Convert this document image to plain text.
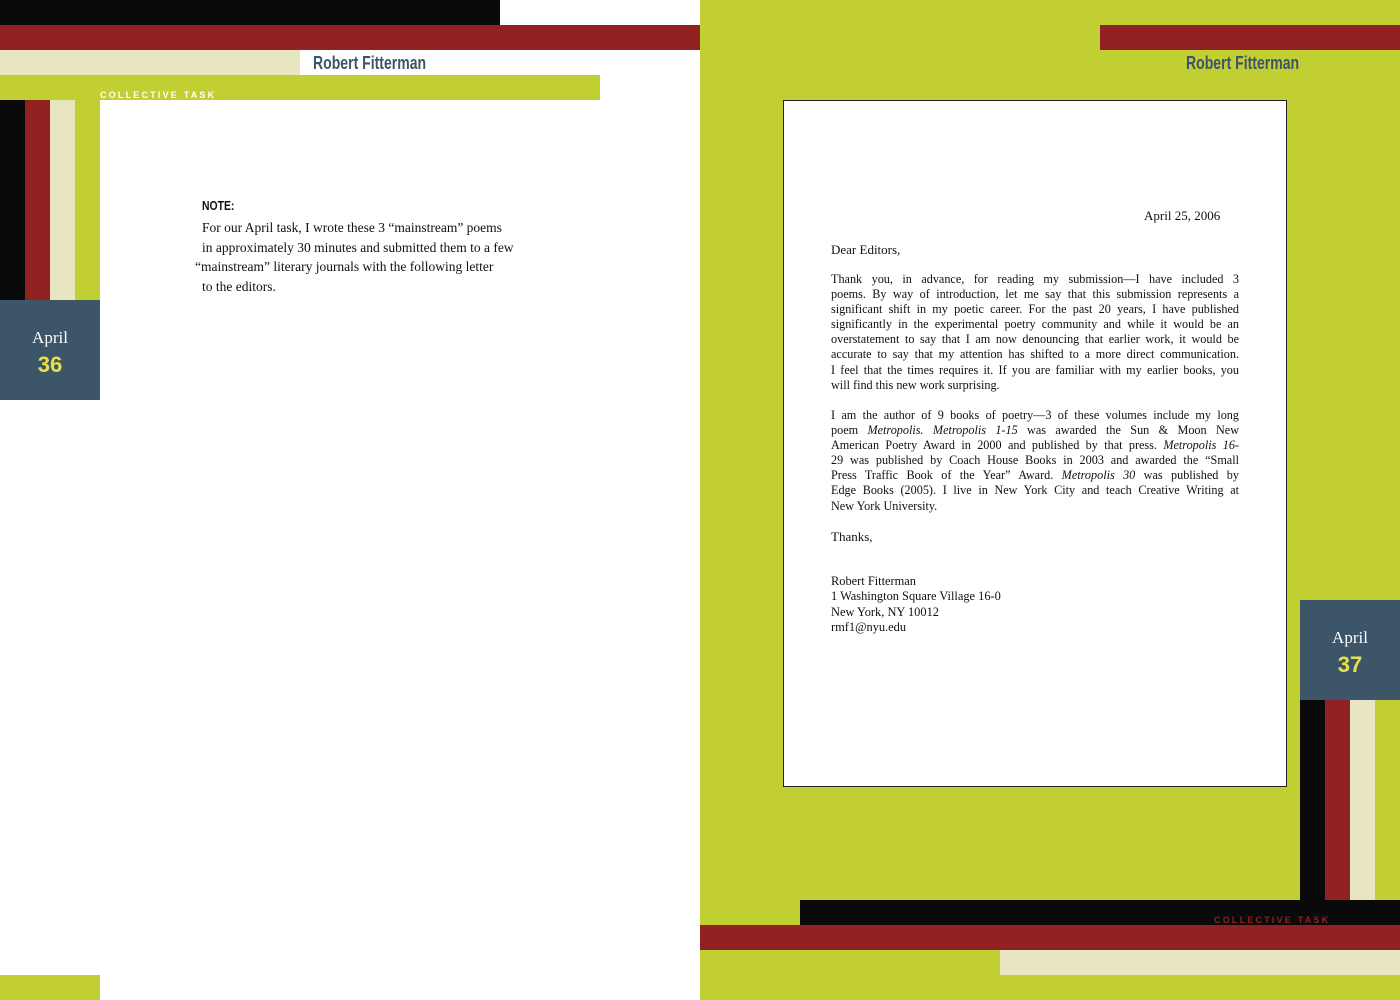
Robert Fitterman
COLLECTIVE TASK
April
36
NOTE:
For our April task, I wrote these 3 “mainstream” poems
in approximately 30 minutes and submitted them to a few
“mainstream” literary journals with the following letter
to the editors.
Robert Fitterman
April 25, 2006
Dear Editors,
Thank you, in advance, for reading my submission—I have included 3
poems. By way of introduction, let me say that this submission represents a
significant shift in my poetic career. For the past 20 years, I have published
significantly in the experimental poetry community and while it would be an
overstatement to say that I am now denouncing that earlier work, it would be
accurate to say that my attention has shifted to a more direct communication.
I feel that the times requires it. If you are familiar with my earlier books, you
will find this new work surprising.
I am the author of 9 books of poetry—3 of these volumes include my long
poem Metropolis. Metropolis 1-15 was awarded the Sun & Moon New
American Poetry Award in 2000 and published by that press. Metropolis 16-
29 was published by Coach House Books in 2003 and awarded the “Small
Press Traffic Book of the Year” Award. Metropolis 30 was published by
Edge Books (2005). I live in New York City and teach Creative Writing at
New York University.
Thanks,
Robert Fitterman
1 Washington Square Village 16-0
New York, NY 10012
rmf1@nyu.edu
April
37
COLLECTIVE TASK
